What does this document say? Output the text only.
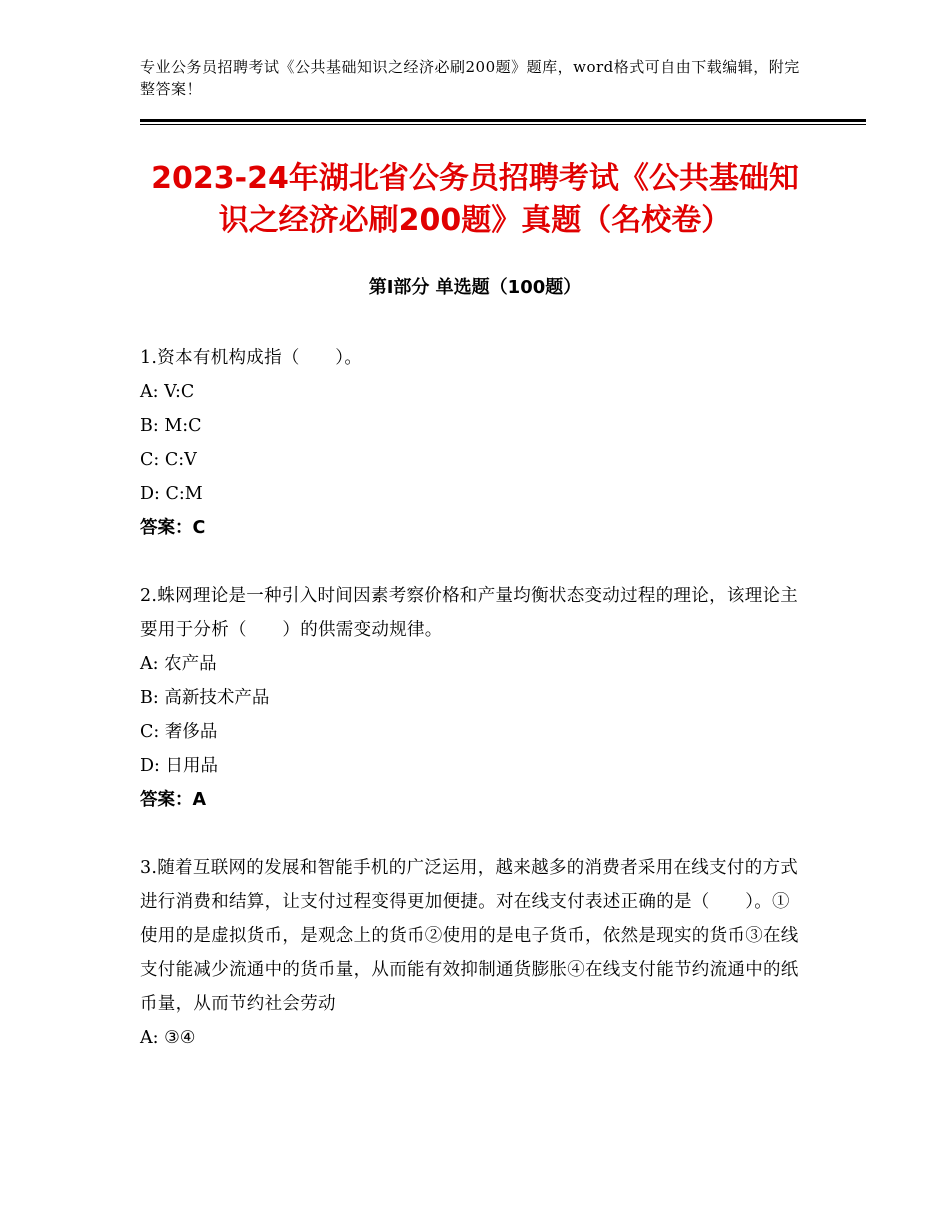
专业公务员招聘考试《公共基础知识之经济必刷200题》题库，word格式可自由下载编辑，附完整答案！
2023-24年湖北省公务员招聘考试《公共基础知识之经济必刷200题》真题（名校卷）
第Ⅰ部分 单选题（100题）

1.资本有机构成指（　　）。

A: V:C

B: M:C

C: C:V

D: C:M

答案：C

2.蛛网理论是一种引入时间因素考察价格和产量均衡状态变动过程的理论，该理论主要用于分析（　　）的供需变动规律。

A: 农产品

B: 高新技术产品

C: 奢侈品

D: 日用品

答案：A

3.随着互联网的发展和智能手机的广泛运用，越来越多的消费者采用在线支付的方式进行消费和结算，让支付过程变得更加便捷。对在线支付表述正确的是（　　）。①使用的是虚拟货币，是观念上的货币②使用的是电子货币，依然是现实的货币③在线支付能减少流通中的货币量，从而能有效抑制通货膨胀④在线支付能节约流通中的纸币量，从而节约社会劳动

A: ③④
